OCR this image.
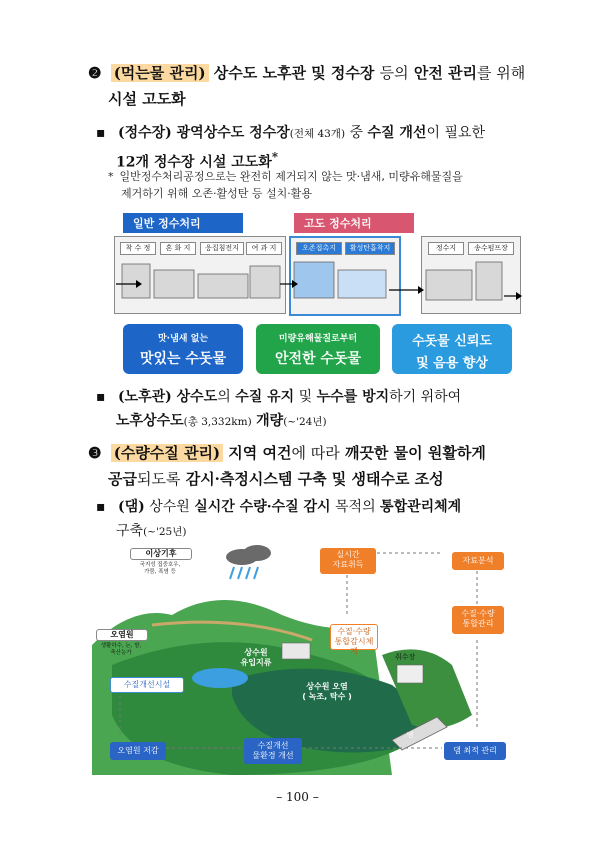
❷ (먹는물 관리) 상수도 노후관 및 정수장 등의 안전 관리를 위해
시설 고도화
▪ (정수장) 광역상수도 정수장(전체 43개) 중 수질 개선이 필요한
12개 정수장 시설 고도화*
* 일반정수처리공정으로는 완전히 제거되지 않는 맛·냄새, 미량유해물질을
제거하기 위해 오존·활성탄 등 설치·활용
일반 정수처리	고도 정수처리
착 수 정	혼 화 지	응집침전지	여 과 지	오존접촉지	활성탄흡착지	정수지	송수펌프장
맛·냄새 없는
맛있는 수돗물
미량유해물질로부터
안전한 수돗물
수돗물 신뢰도
및 음용 향상
▪ (노후관) 상수도의 수질 유지 및 누수를 방지하기 위하여
노후상수도(총 3,332km) 개량(~'24년)
❸ (수량수질 관리) 지역 여건에 따라 깨끗한 물이 원활하게
공급되도록 감시·측정시스템 구축 및 생태수로 조성
▪ (댐) 상수원 실시간 수량·수질 감시 목적의 통합관리체계
구축(~'25년)
이상기후
국지성 집중호우,
가뭄, 폭염 등
오염원
생활하수, 논, 밭,
축산농가
수질개선시설
실시간
자료취득	자료분석
수질·수량
통합관리
수질·수량
통합감시체계
상수원
유입지류
상수원 오염
( 녹조, 탁수 )
취수장
댐
오염원 저감
수질개선
물환경 개선
댐 최적 관리
– 100 –
